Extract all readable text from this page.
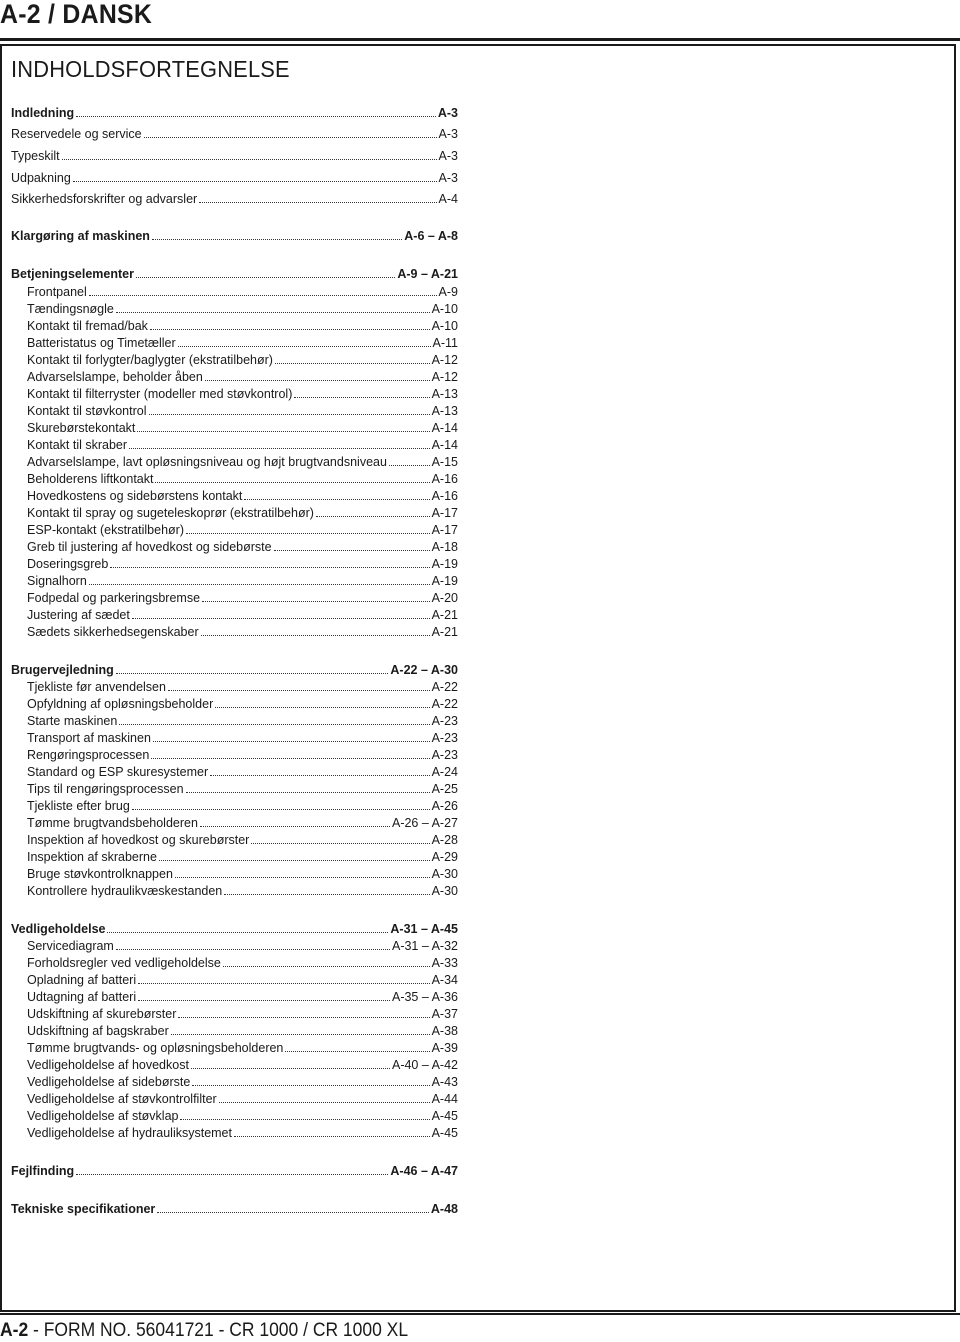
A-2 / DANSK
INDHOLDSFORTEGNELSE
Indledning	A-3
Reservedele og service	A-3
Typeskilt	A-3
Udpakning	A-3
Sikkerhedsforskrifter og advarsler	A-4
Klargøring af maskinen	A-6 – A-8
Betjeningselementer	A-9 – A-21
Frontpanel	A-9
Tændingsnøgle	A-10
Kontakt til fremad/bak	A-10
Batteristatus og Timetæller	A-11
Kontakt til forlygter/baglygter (ekstratilbehør)	A-12
Advarselslampe, beholder åben	A-12
Kontakt til filterryster (modeller med støvkontrol)	A-13
Kontakt til støvkontrol	A-13
Skurebørstekontakt	A-14
Kontakt til skraber	A-14
Advarselslampe, lavt opløsningsniveau og højt brugtvandsniveau	A-15
Beholderens liftkontakt	A-16
Hovedkostens og sidebørstens kontakt	A-16
Kontakt til spray og sugeteleskoprør (ekstratilbehør)	A-17
ESP-kontakt (ekstratilbehør)	A-17
Greb til justering af hovedkost og sidebørste	A-18
Doseringsgreb	A-19
Signalhorn	A-19
Fodpedal og parkeringsbremse	A-20
Justering af sædet	A-21
Sædets sikkerhedsegenskaber	A-21
Brugervejledning	A-22 – A-30
Tjekliste før anvendelsen	A-22
Opfyldning af opløsningsbeholder	A-22
Starte maskinen	A-23
Transport af maskinen	A-23
Rengøringsprocessen	A-23
Standard og ESP skuresystemer	A-24
Tips til rengøringsprocessen	A-25
Tjekliste efter brug	A-26
Tømme brugtvandsbeholderen	A-26 – A-27
Inspektion af hovedkost og skurebørster	A-28
Inspektion af skraberne	A-29
Bruge støvkontrolknappen	A-30
Kontrollere hydraulikvæskestanden	A-30
Vedligeholdelse	A-31 – A-45
Servicediagram	A-31 – A-32
Forholdsregler ved vedligeholdelse	A-33
Opladning af batteri	A-34
Udtagning af batteri	A-35 – A-36
Udskiftning af skurebørster	A-37
Udskiftning af bagskraber	A-38
Tømme brugtvands- og opløsningsbeholderen	A-39
Vedligeholdelse af hovedkost	A-40 – A-42
Vedligeholdelse af sidebørste	A-43
Vedligeholdelse af støvkontrolfilter	A-44
Vedligeholdelse af støvklap	A-45
Vedligeholdelse af hydrauliksystemet	A-45
Fejlfinding	A-46 – A-47
Tekniske specifikationer	A-48
A-2 - FORM NO. 56041721 - CR 1000 / CR 1000 XL
